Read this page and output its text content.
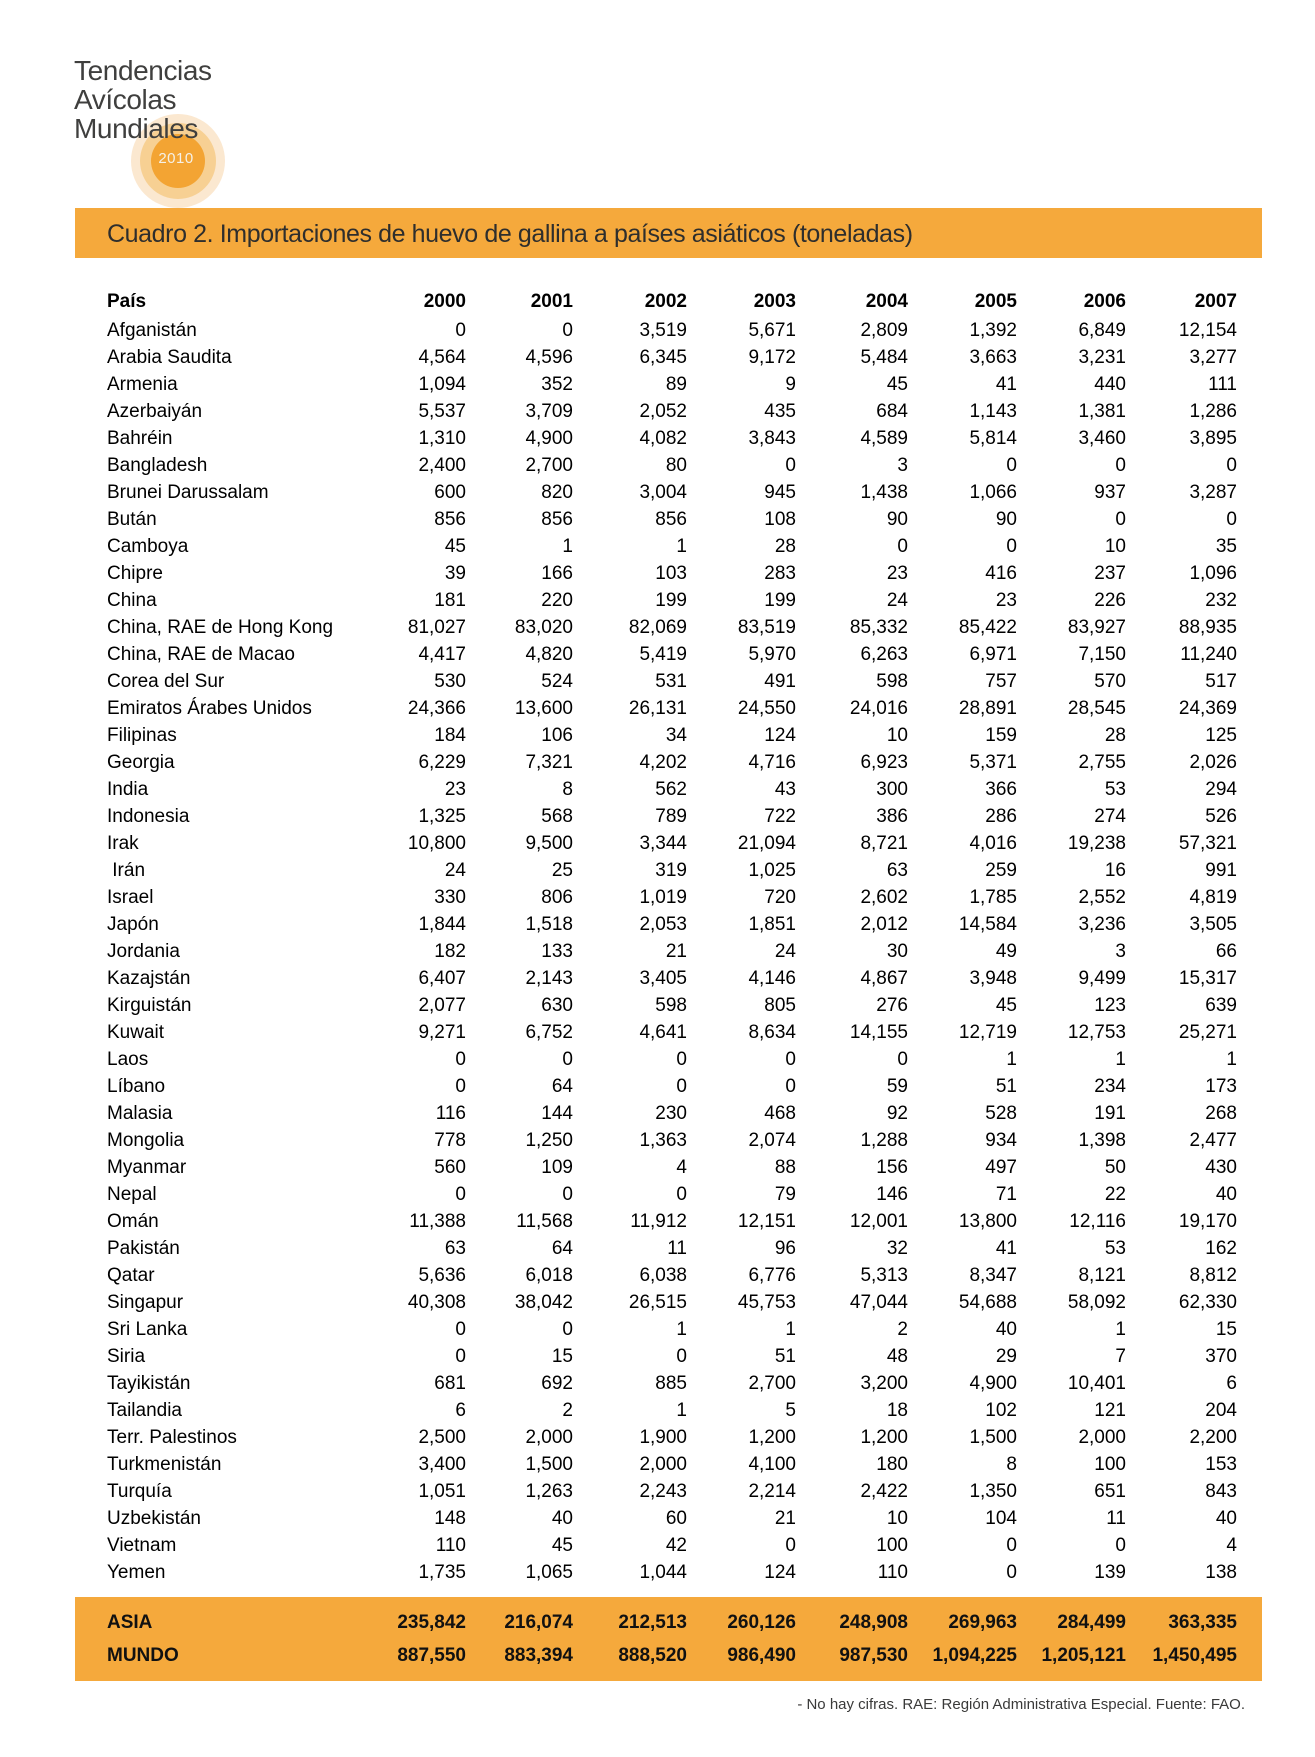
2010
Tendencias
Avícolas
Mundiales
Cuadro 2. Importaciones de huevo de gallina a países asiáticos (toneladas)
País	2000	2001	2002	2003	2004	2005	2006	2007
Afganistán	0	0	3,519	5,671	2,809	1,392	6,849	12,154
Arabia Saudita	4,564	4,596	6,345	9,172	5,484	3,663	3,231	3,277
Armenia	1,094	352	89	9	45	41	440	111
Azerbaiyán	5,537	3,709	2,052	435	684	1,143	1,381	1,286
Bahréin	1,310	4,900	4,082	3,843	4,589	5,814	3,460	3,895
Bangladesh	2,400	2,700	80	0	3	0	0	0
Brunei Darussalam	600	820	3,004	945	1,438	1,066	937	3,287
Bután	856	856	856	108	90	90	0	0
Camboya	45	1	1	28	0	0	10	35
Chipre	39	166	103	283	23	416	237	1,096
China	181	220	199	199	24	23	226	232
China, RAE de Hong Kong	81,027	83,020	82,069	83,519	85,332	85,422	83,927	88,935
China, RAE de Macao	4,417	4,820	5,419	5,970	6,263	6,971	7,150	11,240
Corea del Sur	530	524	531	491	598	757	570	517
Emiratos Árabes Unidos	24,366	13,600	26,131	24,550	24,016	28,891	28,545	24,369
Filipinas	184	106	34	124	10	159	28	125
Georgia	6,229	7,321	4,202	4,716	6,923	5,371	2,755	2,026
India	23	8	562	43	300	366	53	294
Indonesia	1,325	568	789	722	386	286	274	526
Irak	10,800	9,500	3,344	21,094	8,721	4,016	19,238	57,321
Irán	24	25	319	1,025	63	259	16	991
Israel	330	806	1,019	720	2,602	1,785	2,552	4,819
Japón	1,844	1,518	2,053	1,851	2,012	14,584	3,236	3,505
Jordania	182	133	21	24	30	49	3	66
Kazajstán	6,407	2,143	3,405	4,146	4,867	3,948	9,499	15,317
Kirguistán	2,077	630	598	805	276	45	123	639
Kuwait	9,271	6,752	4,641	8,634	14,155	12,719	12,753	25,271
Laos	0	0	0	0	0	1	1	1
Líbano	0	64	0	0	59	51	234	173
Malasia	116	144	230	468	92	528	191	268
Mongolia	778	1,250	1,363	2,074	1,288	934	1,398	2,477
Myanmar	560	109	4	88	156	497	50	430
Nepal	0	0	0	79	146	71	22	40
Omán	11,388	11,568	11,912	12,151	12,001	13,800	12,116	19,170
Pakistán	63	64	11	96	32	41	53	162
Qatar	5,636	6,018	6,038	6,776	5,313	8,347	8,121	8,812
Singapur	40,308	38,042	26,515	45,753	47,044	54,688	58,092	62,330
Sri Lanka	0	0	1	1	2	40	1	15
Siria	0	15	0	51	48	29	7	370
Tayikistán	681	692	885	2,700	3,200	4,900	10,401	6
Tailandia	6	2	1	5	18	102	121	204
Terr. Palestinos	2,500	2,000	1,900	1,200	1,200	1,500	2,000	2,200
Turkmenistán	3,400	1,500	2,000	4,100	180	8	100	153
Turquía	1,051	1,263	2,243	2,214	2,422	1,350	651	843
Uzbekistán	148	40	60	21	10	104	11	40
Vietnam	110	45	42	0	100	0	0	4
Yemen	1,735	1,065	1,044	124	110	0	139	138
ASIA	235,842	216,074	212,513	260,126	248,908	269,963	284,499	363,335
MUNDO	887,550	883,394	888,520	986,490	987,530	1,094,225	1,205,121	1,450,495
- No hay cifras. RAE: Región Administrativa Especial. Fuente: FAO.
